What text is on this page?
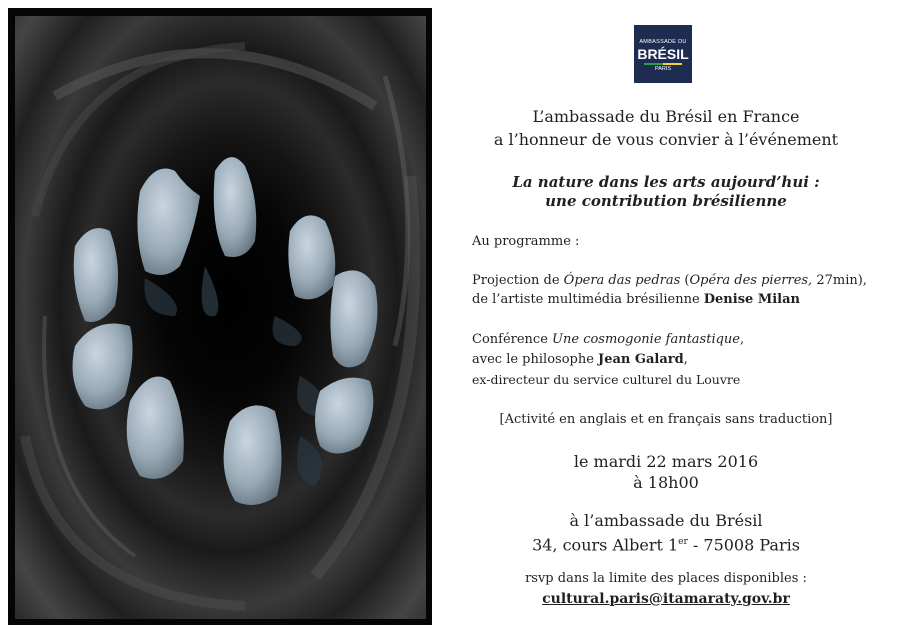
AMBASSADE DU
BRÉSIL
PARIS
L’ambassade du Brésil en France
a l’honneur de vous convier à l’événement
La nature dans les arts aujourd’hui :
une contribution brésilienne
Au programme :
Projection de Ópera das pedras (Opéra des pierres, 27min),
de l’artiste multimédia brésilienne Denise Milan
Conférence Une cosmogonie fantastique,
avec le philosophe Jean Galard,
ex-directeur du service culturel du Louvre
[Activité en anglais et en français sans traduction]
le mardi 22 mars 2016
à 18h00
à l’ambassade du Brésil
34, cours Albert 1er - 75008 Paris
rsvp dans la limite des places disponibles :
cultural.paris@itamaraty.gov.br
